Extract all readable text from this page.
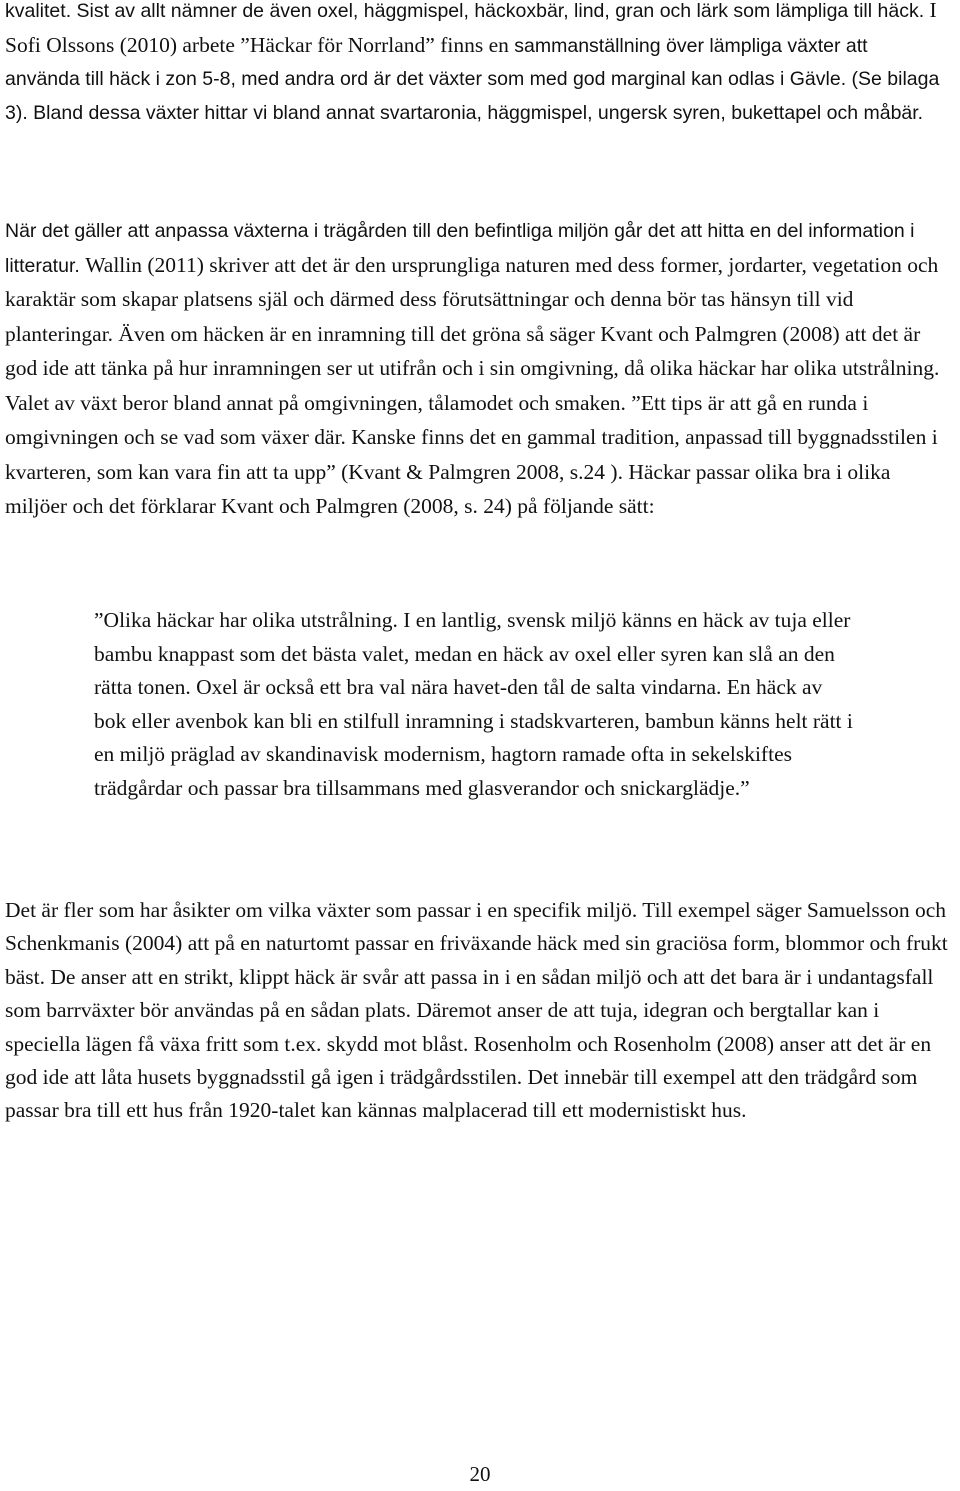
kvalitet. Sist av allt nämner de även oxel, häggmispel, häckoxbär, lind, gran och lärk som lämpliga till häck. I Sofi Olssons (2010) arbete ”Häckar för Norrland” finns en sammanställning över lämpliga växter att använda till häck i zon 5-8, med andra ord är det växter som med god marginal kan odlas i Gävle. (Se bilaga 3). Bland dessa växter hittar vi bland annat svartaronia, häggmispel, ungersk syren, bukettapel och måbär.

När det gäller att anpassa växterna i trägården till den befintliga miljön går det att hitta en del information i litteratur. Wallin (2011) skriver att det är den ursprungliga naturen med dess former, jordarter, vegetation och karaktär som skapar platsens själ och därmed dess förutsättningar och denna bör tas hänsyn till vid planteringar. Även om häcken är en inramning till det gröna så säger Kvant och Palmgren (2008) att det är god ide att tänka på hur inramningen ser ut utifrån och i sin omgivning, då olika häckar har olika utstrålning. Valet av växt beror bland annat på omgivningen, tålamodet och smaken. ”Ett tips är att gå en runda i omgivningen och se vad som växer där. Kanske finns det en gammal tradition, anpassad till byggnadsstilen i kvarteren, som kan vara fin att ta upp” (Kvant & Palmgren 2008, s.24 ). Häckar passar olika bra i olika miljöer och det förklarar Kvant och Palmgren (2008, s. 24) på följande sätt:

”Olika häckar har olika utstrålning. I en lantlig, svensk miljö känns en häck av tuja eller bambu knappast som det bästa valet, medan en häck av oxel eller syren kan slå an den rätta tonen. Oxel är också ett bra val nära havet-den tål de salta vindarna. En häck av bok eller avenbok kan bli en stilfull inramning i stadskvarteren, bambun känns helt rätt i en miljö präglad av skandinavisk modernism, hagtorn ramade ofta in sekelskiftes trädgårdar och passar bra tillsammans med glasverandor och snickarglädje.”

Det är fler som har åsikter om vilka växter som passar i en specifik miljö. Till exempel säger Samuelsson och Schenkmanis (2004) att på en naturtomt passar en friväxande häck med sin graciösa form, blommor och frukt bäst. De anser att en strikt, klippt häck är svår att passa in i en sådan miljö och att det bara är i undantagsfall som barrväxter bör användas på en sådan plats. Däremot anser de att tuja, idegran och bergtallar kan i speciella lägen få växa fritt som t.ex. skydd mot blåst. Rosenholm och Rosenholm (2008) anser att det är en god ide att låta husets byggnadsstil gå igen i trädgårdsstilen. Det innebär till exempel att den trädgård som passar bra till ett hus från 1920-talet kan kännas malplacerad till ett modernistiskt hus.

20
